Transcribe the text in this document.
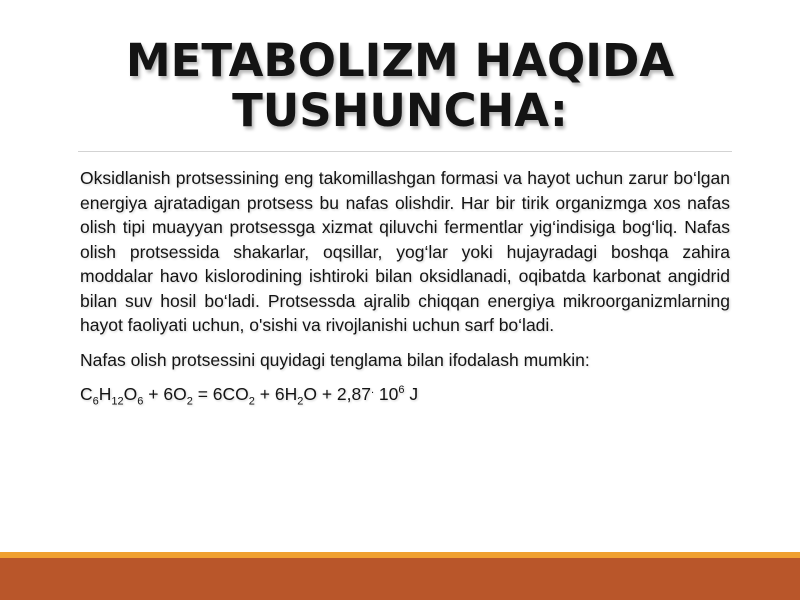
METABOLIZM HAQIDA
TUSHUNCHA:

Oksidlanish protsessining eng takomillashgan formasi va hayot uchun zarur bo‘lgan energiya ajratadigan protsess bu nafas olishdir. Har bir tirik organizmga xos nafas olish tipi muayyan protsessga xizmat qiluvchi fermentlar yig‘indisiga bog‘liq. Nafas olish protsessida shakarlar, oqsillar, yog‘lar yoki hujayradagi boshqa zahira moddalar havo kislorodining ishtiroki bilan oksidlanadi, oqibatda karbonat angidrid bilan suv hosil bo‘ladi. Protsessda ajralib chiqqan energiya mikroorganizmlarning hayot faoliyati uchun, o'sishi va rivojlanishi uchun sarf bo‘ladi.

Nafas olish protsessini quyidagi tenglama bilan ifodalash mumkin:

$C_6H_{12}O_6 + 6O_2 = 6CO_2 + 6H_2O + 2,87^.$ $10^6$ J
